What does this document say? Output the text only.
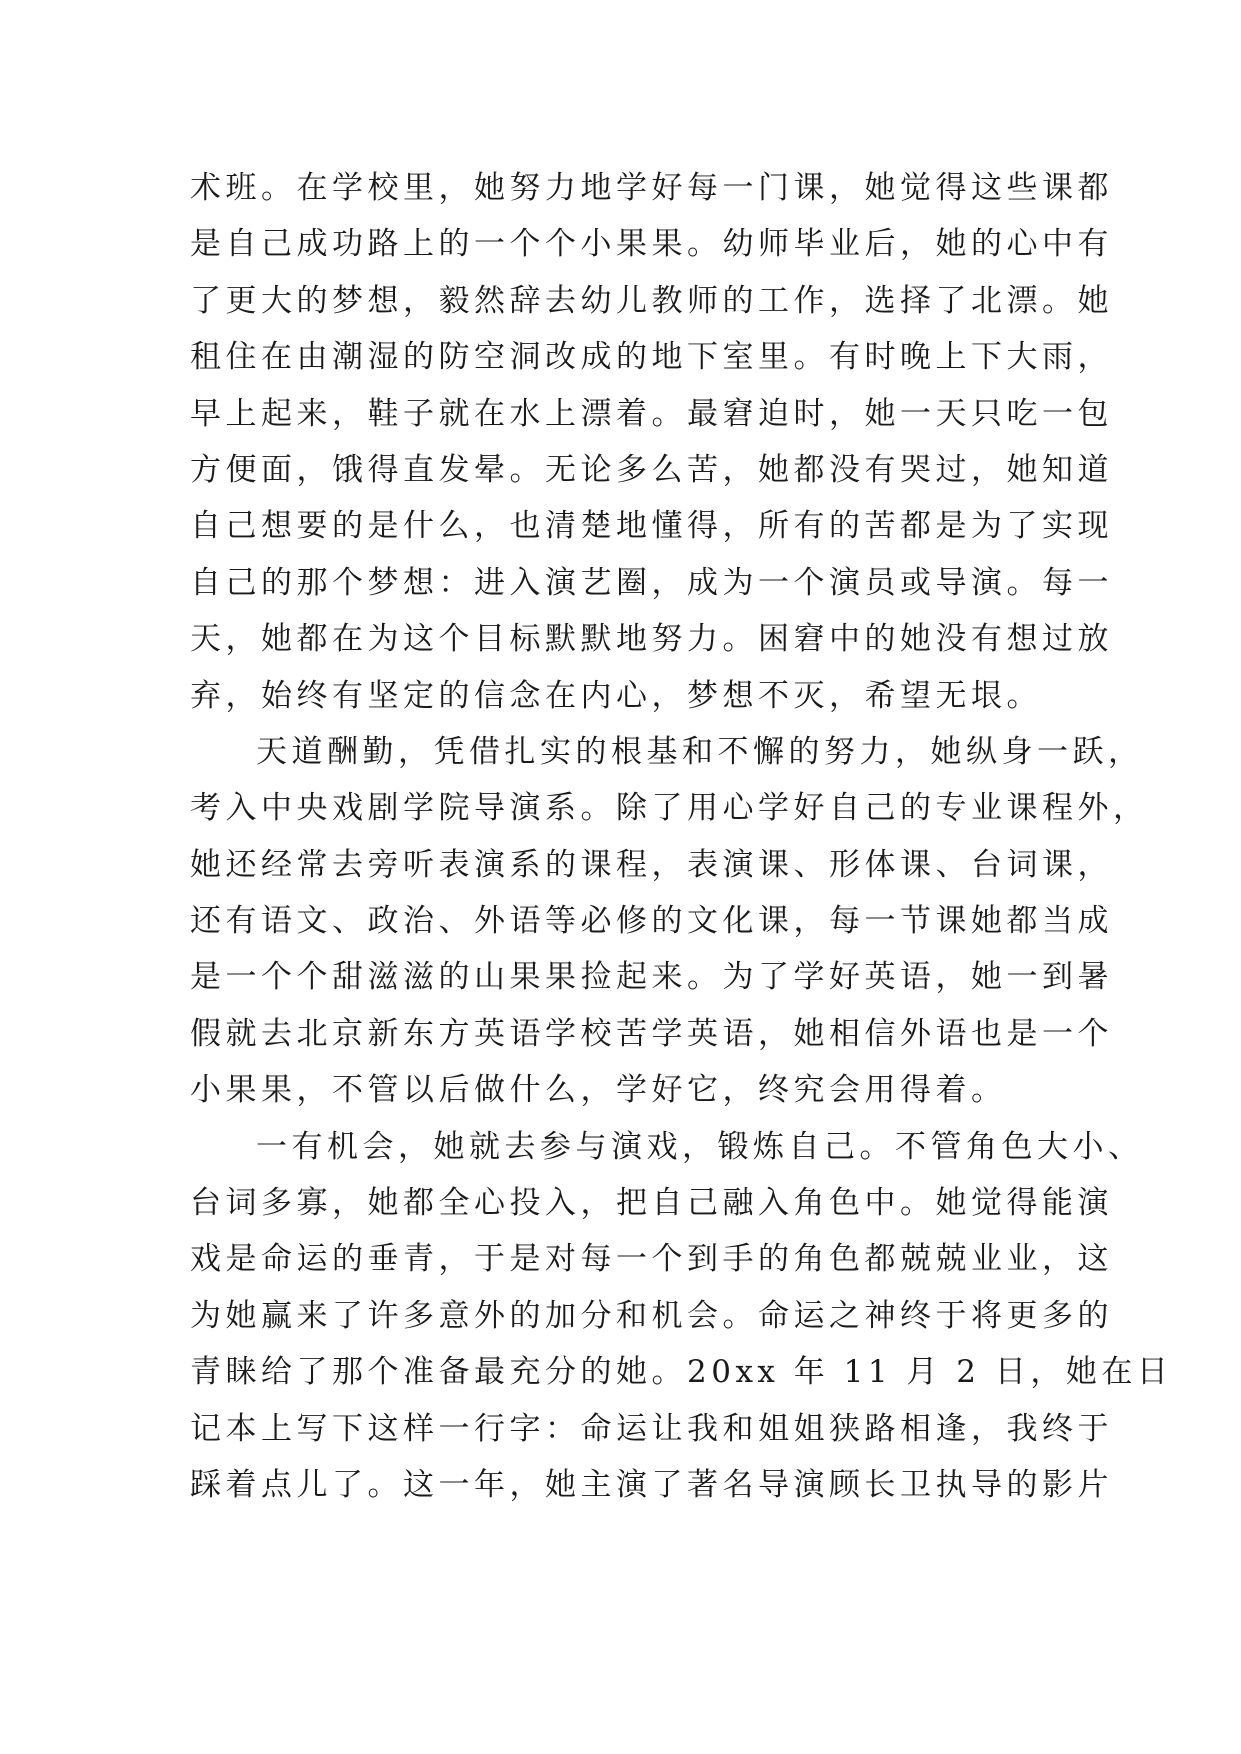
术班。在学校里，她努力地学好每一门课，她觉得这些课都
是自己成功路上的一个个小果果。幼师毕业后，她的心中有
了更大的梦想，毅然辞去幼儿教师的工作，选择了北漂。她
租住在由潮湿的防空洞改成的地下室里。有时晚上下大雨，
早上起来，鞋子就在水上漂着。最窘迫时，她一天只吃一包
方便面，饿得直发晕。无论多么苦，她都没有哭过，她知道
自己想要的是什么，也清楚地懂得，所有的苦都是为了实现
自己的那个梦想：进入演艺圈，成为一个演员或导演。每一
天，她都在为这个目标默默地努力。困窘中的她没有想过放
弃，始终有坚定的信念在内心，梦想不灭，希望无垠。
天道酬勤，凭借扎实的根基和不懈的努力，她纵身一跃，
考入中央戏剧学院导演系。除了用心学好自己的专业课程外，
她还经常去旁听表演系的课程，表演课、形体课、台词课，
还有语文、政治、外语等必修的文化课，每一节课她都当成
是一个个甜滋滋的山果果捡起来。为了学好英语，她一到暑
假就去北京新东方英语学校苦学英语，她相信外语也是一个
小果果，不管以后做什么，学好它，终究会用得着。
一有机会，她就去参与演戏，锻炼自己。不管角色大小、
台词多寡，她都全心投入，把自己融入角色中。她觉得能演
戏是命运的垂青，于是对每一个到手的角色都兢兢业业，这
为她赢来了许多意外的加分和机会。命运之神终于将更多的
青睐给了那个准备最充分的她。20xx 年 11 月 2 日，她在日
记本上写下这样一行字：命运让我和姐姐狭路相逢，我终于
踩着点儿了。这一年，她主演了著名导演顾长卫执导的影片
